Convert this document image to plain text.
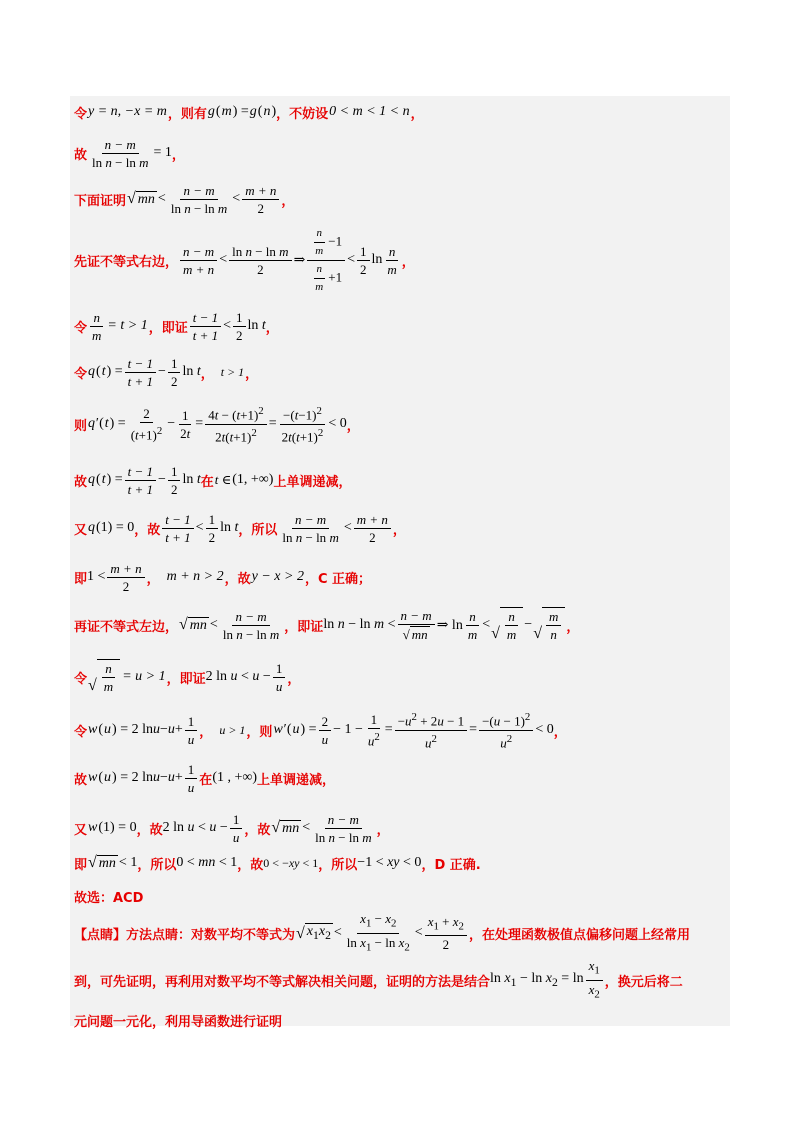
令 y = n, −x = m ，则有 g ( m ) = g ( n ) ，不妨设 0 < m < 1 < n ，
故 $\frac{n - m}{\text{ln n − ln m}} = 1$ ，
下面证明 √ mn < $\frac{n - m}{\text{ln n − ln m}} < \frac{m + n}{2}$ ，
先证不等式右边， $\frac{n - m}{m + n} < \frac{\text{ln n − ln m}}{2}$ ⇒ $\frac{\frac{n}{m} -1}{\frac{n}{m} +1} < \frac{1}{2}$ $\ln \frac{n}{m}$ ，
令 $\frac{n}{m} = t > 1$ ，即证 $\frac{t - 1}{t + 1} < \frac{1}{2}$ ln t ，
令 q ( t ) = $\frac{t - 1}{t + 1} - \frac{1}{2}$ ln t ， t > 1 ，
则 q′ ( t ) = $\frac{2}{(t+1)^2} - \frac{1}{2t} = \frac{4t - (t+1)^2}{2t(t+1)^2} = \frac{-(t-1)^2}{2t(t+1)^2} < 0$ ，
故 q ( t ) = $\frac{t - 1}{t + 1} - \frac{1}{2}$ ln t 在 t ∈ (1, +∞) 上单调递减，
又 q (1) = 0 ，故 $\frac{t - 1}{t + 1} < \frac{1}{2}$ ln t ，所以 $\frac{n - m}{\text{ln n − ln m}} < \frac{m + n}{2}$ ，
即 $1 < \frac{m + n}{2}$ ， m + n > 2 ，故 y − x > 2 ，C 正确；
再证不等式左边， √ mn < $\frac{n - m}{\text{ln n − ln m}}$ ，即证 $\ln n - \ln m < \frac{n - m}{√ mn}$ ⇒ $\ln \frac{n}{m}$ <
√ $\frac{n}{m}$ −
√ $\frac{m}{n}$ ，
令 √ $\frac{n}{m} = u > 1$ ，即证 2 $\ln u < u - \frac{1}{u}$ ，
令 w ( u ) = 2 $\ln u - u + \frac{1}{u}$ ， u > 1 ，则 w′ ( u ) = $\frac{2}{u} - 1 - \frac{1}{u^2} = \frac{-u^2 + 2u - 1}{u^2} = \frac{-(u - 1)^2}{u^2} < 0$ ，
故 w ( u ) = 2 $\ln u - u + \frac{1}{u}$ 在 (1 , +∞) 上单调递减，
又 w (1) = 0 ，故 2 $\ln u < u - \frac{1}{u}$ ，故 √ mn < $\frac{n - m}{\text{ln n − ln m}}$ ，
即 √ mn < 1 ，所以 0 < mn < 1 ，故 0 < −xy < 1 ，所以 −1 < xy < 0 ，D 正确.
故选：ACD
【点睛】方法点睛：对数平均不等式为 √ $x_1x_2 < \frac{x_1 - x_2}{\ln x_1 - \ln x_2} < \frac{x_1 + x_2}{2}$ ，在处理函数极值点偏移问题上经常用
到，可先证明，再利用对数平均不等式解决相关问题，证明的方法是结合 $\ln x_1 - \ln x_2 = \ln \frac{x_1}{x_2}$ ，换元后将二
元问题一元化，利用导函数进行证明
